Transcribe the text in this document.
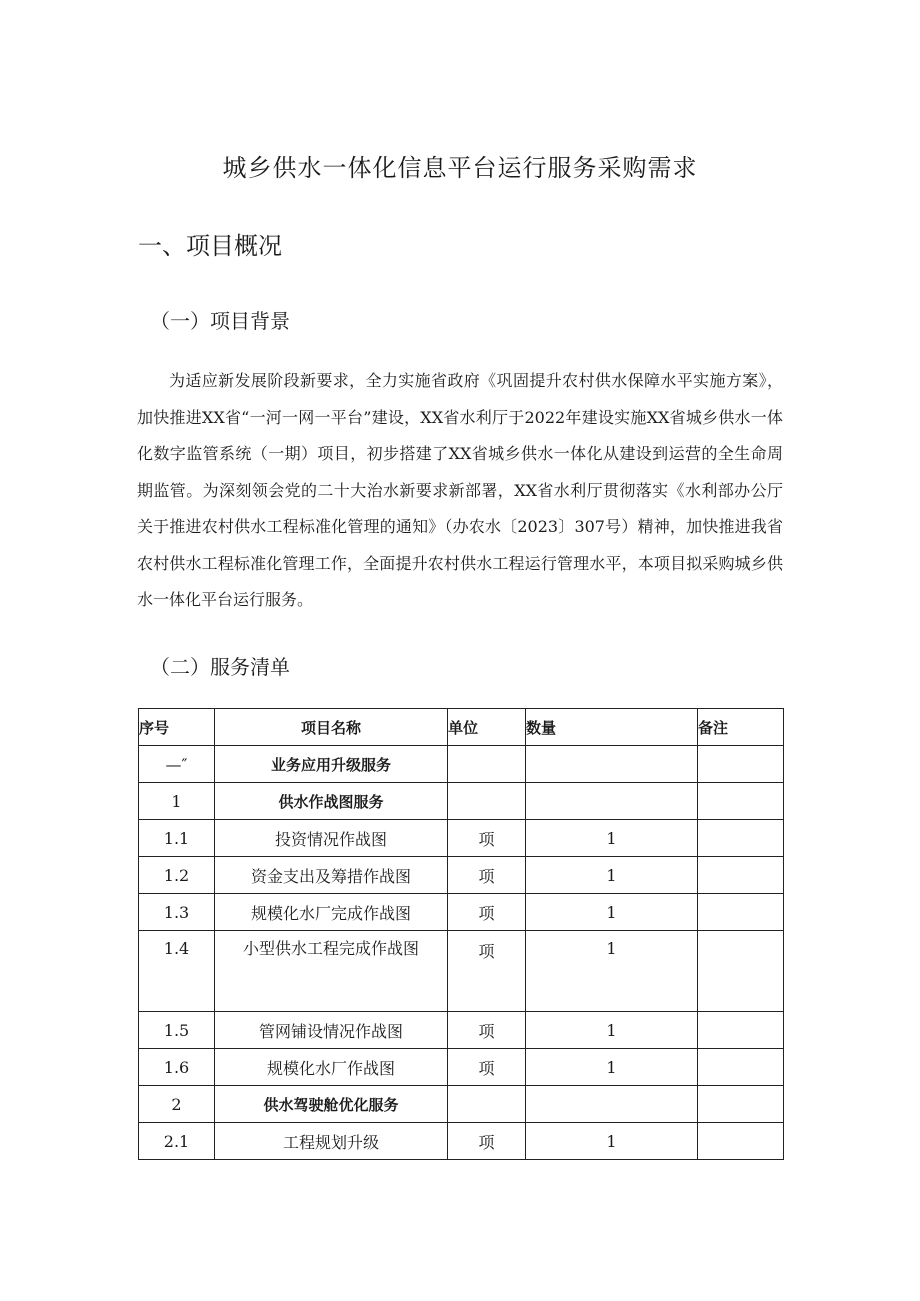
城乡供水一体化信息平台运行服务采购需求
一、项目概况
（一）项目背景
为适应新发展阶段新要求，全力实施省政府《巩固提升农村供水保障水平实施方案》，加快推进XX省“一河一网一平台”建设，XX省水利厅于2022年建设实施XX省城乡供水一体化数字监管系统（一期）项目，初步搭建了XX省城乡供水一体化从建设到运营的全生命周期监管。为深刻领会党的二十大治水新要求新部署，XX省水利厅贯彻落实《水利部办公厅关于推进农村供水工程标准化管理的通知》（办农水〔2023〕307号）精神，加快推进我省农村供水工程标准化管理工作，全面提升农村供水工程运行管理水平，本项目拟采购城乡供水一体化平台运行服务。
（二）服务清单
序号	项目名称	单位	数量	备注
—″	业务应用升级服务			
1	供水作战图服务			
1.1	投资情况作战图	项	1	
1.2	资金支出及筹措作战图	项	1	
1.3	规模化水厂完成作战图	项	1	
1.4	小型供水工程完成作战图	项	1	
1.5	管网铺设情况作战图	项	1	
1.6	规模化水厂作战图	项	1	
2	供水驾驶舱优化服务			
2.1	工程规划升级	项	1	
